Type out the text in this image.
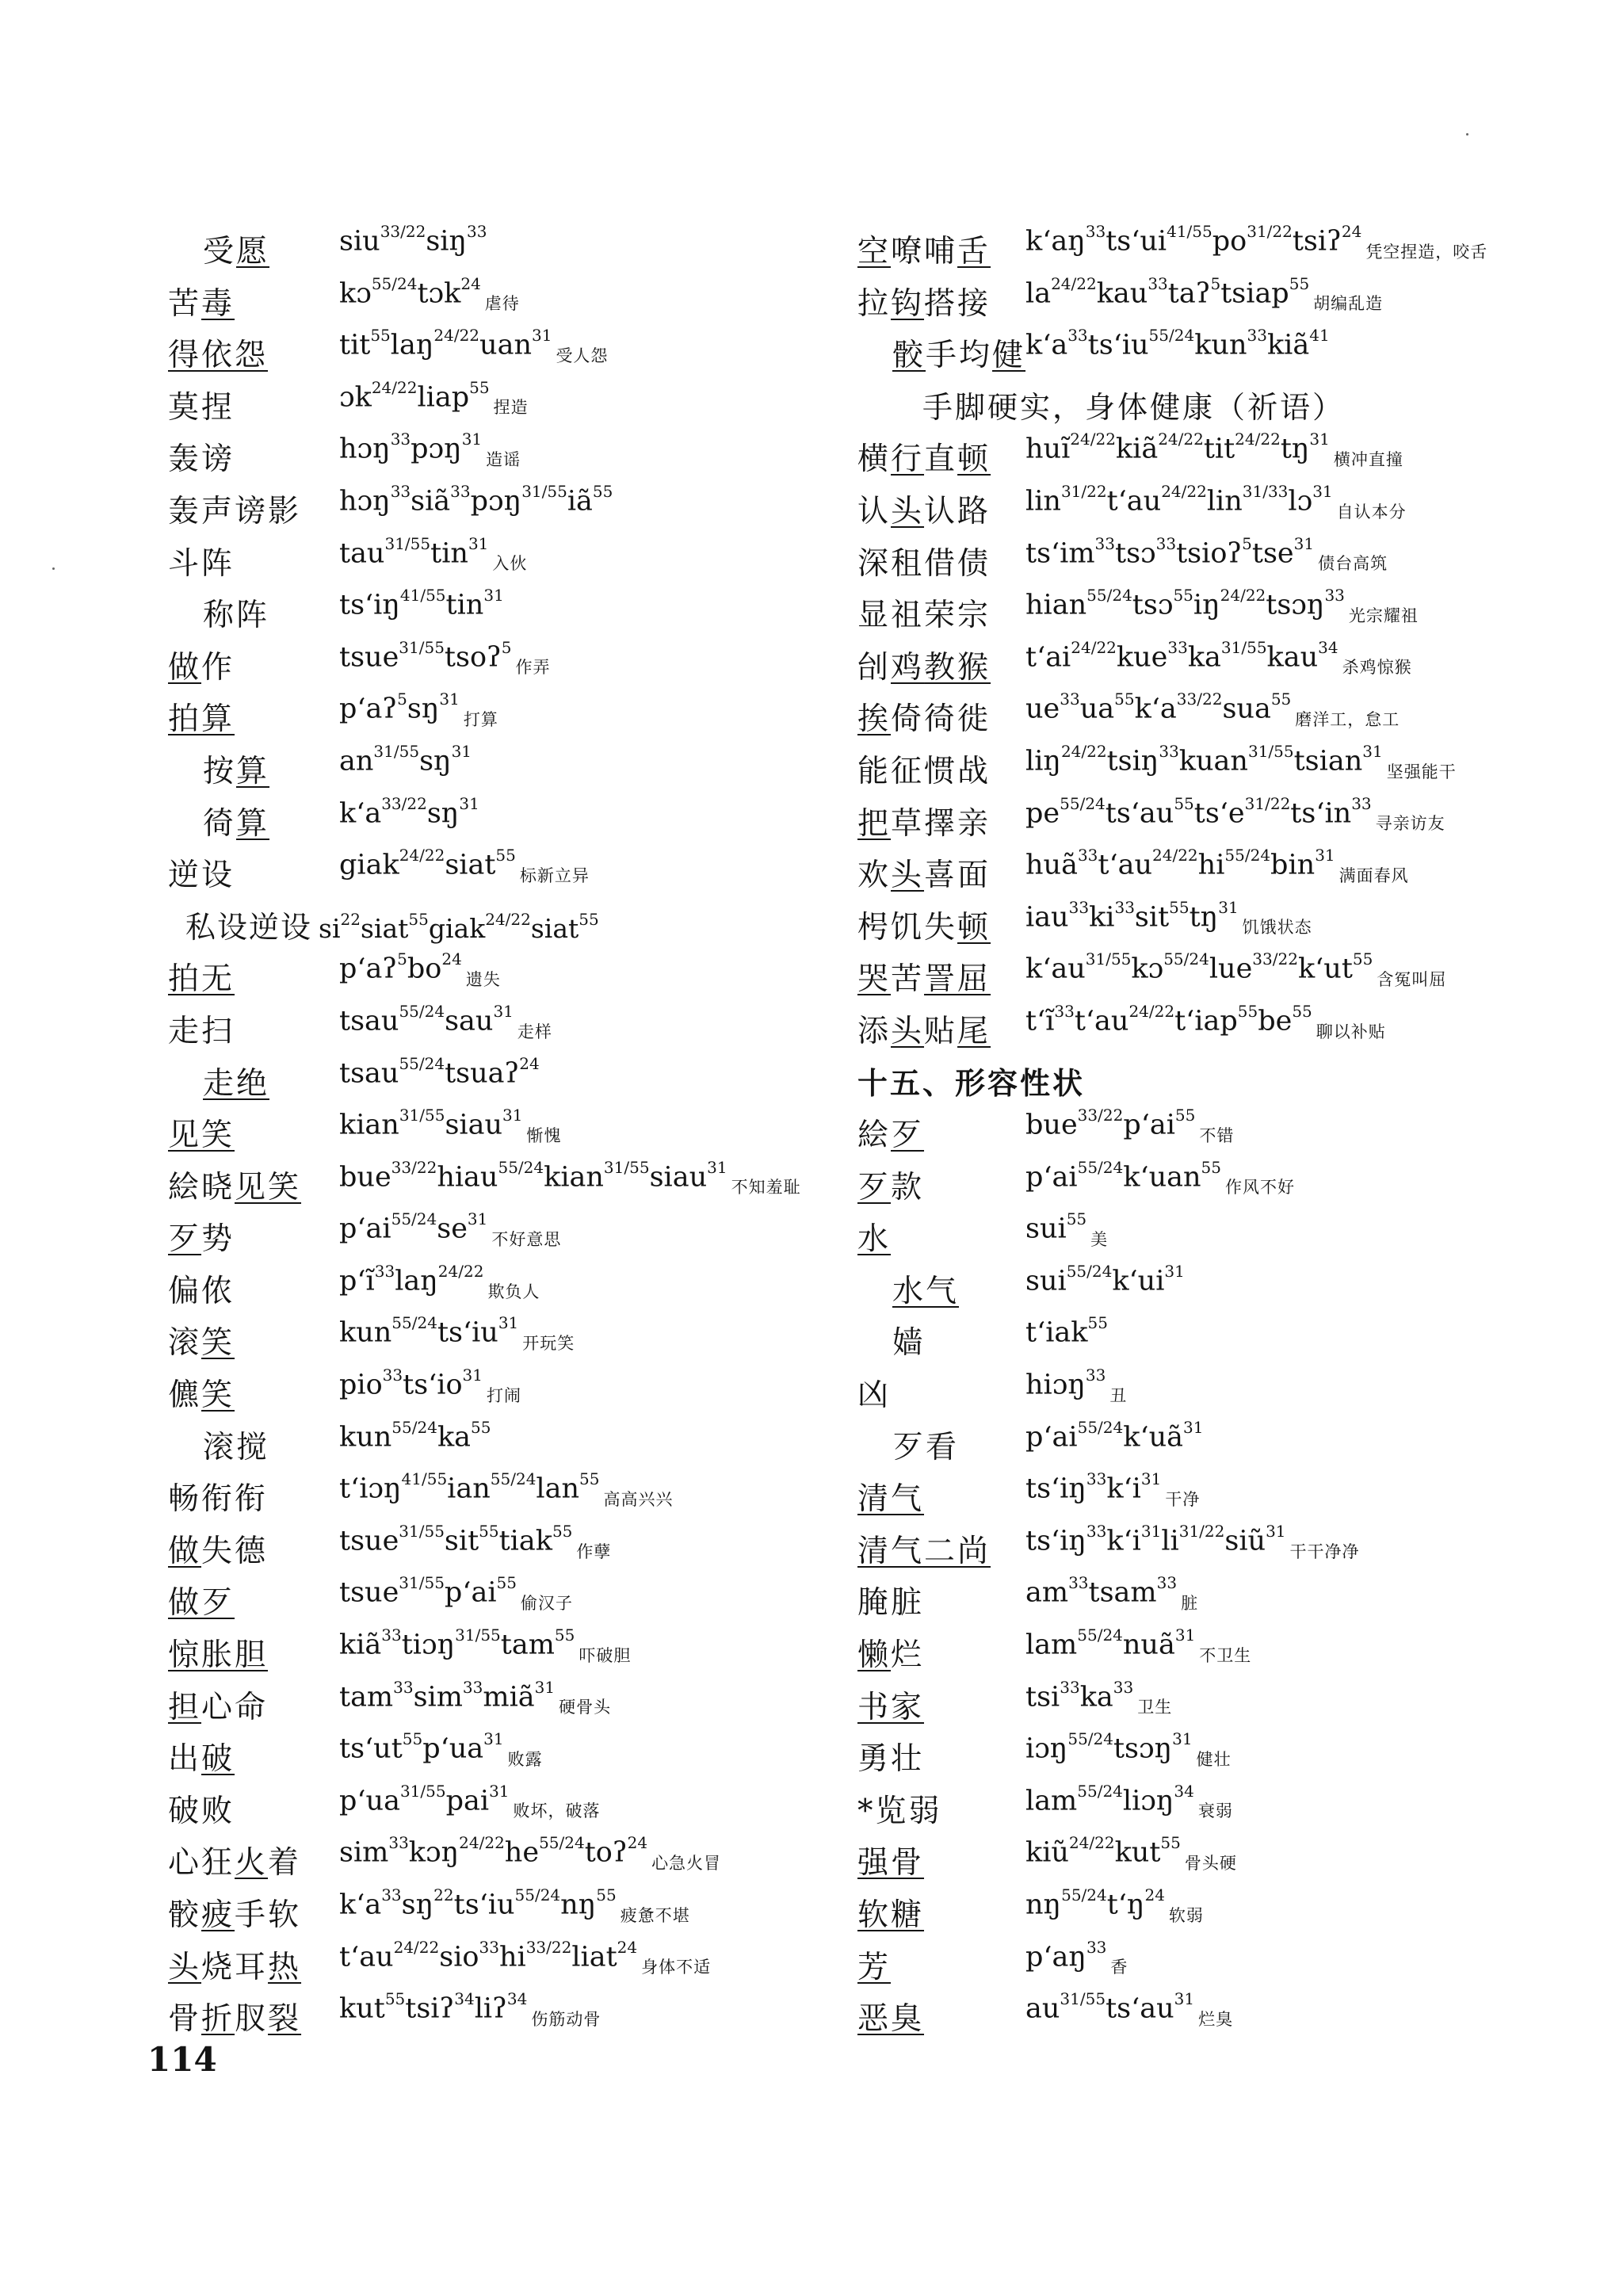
受愿	siu$^{33/22}$siŋ$^{33}$
苦毒	kɔ$^{55/24}$tɔk$^{24}_{虐待}$
得依怨	tit$^{55}$laŋ$^{24/22}$uan$^{31}_{受人怨}$
莫捏	ɔk$^{24/22}$liap$^{55}_{捏造}$
轰谤	hɔŋ$^{33}$pɔŋ$^{31}_{造谣}$
轰声谤影 $hɔŋ^{33}siã^{33}pɔŋ^{31/55}iã^{55}$
斗阵	tau$^{31/55}$tin$^{31}_{入伙}$
称阵	tsʻiŋ$^{41/55}$tin$^{31}$
做作	tsue$^{31/55}$tsoʔ$^5_{作弄}$
拍算	$pʻaʔ^5sŋ^{31}_{打算}$
按算	$an^{31/55}sŋ^{31}$
徛算	$kʻa^{33/22}sŋ^{31}$
逆设	giak$^{24/22}$siat$^{55}_{标新立异}$
私设逆设 $si^{22}siat^{55}giak^{24/22}siat^{55}$
拍无	$pʻaʔ^5bo^{24}_{遗失}$
走扫	tsau$^{55/24}$sau$^{31}_{走样}$
走绝	tsau$^{55/24}$tsuaʔ$^{24}$
见笑	kian$^{31/55}$siau$^{31}_{惭愧}$
絵晓见笑 bue$^{33/22}$hiau$^{55/24}$kian$^{31/55}$siau$^{31}_{不知羞耻}$
歹势	$pʻai^{55/24}se^{31}_{不好意思}$
偏侬	pʻĩ$^{33}$laŋ$^{24/22}_{欺负人}$
滚笑	kun$^{55/24}$tsʻiu$^{31}_{开玩笑}$
儦笑	pio$^{33}$tsʻio$^{31}_{打闹}$
滚搅	$kun^{55/24}ka^{55}$
畅衔衔	tʻiɔŋ$^{41/55}$ian$^{55/24}$lan$^{55}_{高高兴兴}$
做失德	tsue$^{31/55}$sit$^{55}$tiak$^{55}_{作孽}$
做歹	tsue$^{31/55}$pʻai$^{55}_{偷汉子}$
惊胀胆	kiã$^{33}$tiɔŋ$^{31/55}$tam$^{55}_{吓破胆}$
担心命	tam$^{33}$sim$^{33}$miã$^{31}_{硬骨头}$
出破	tsʻut$^{55}$pʻua$^{31}_{败露}$
破败	pʻua$^{31/55}$pai$^{31}_{败坏,破落}$
心狂火着 $sim^{33}kɔŋ^{24/22}he^{55/24}toʔ^{24}_{心急火冒}$
骹疲手软 $kʻa^{33}sŋ^{22}tsʻiu^{55/24}nŋ^{55}_{疲惫不堪}$
头烧耳热 $tʻau^{24/22}sio^{33}hi^{33/22}liat^{24}_{身体不适}$
骨折肞裂 kut$^{55}$tsiʔ$^{34}$liʔ$^{34}_{伤筋动骨}$
空嘹哺舌 $kʻaŋ^{33}tsʻui^{41/55}po^{31/22}tsiʔ^{24}_{凭空捏造,咬舌}$
拉钩搭接 $la^{24/22}kau^{33}taʔ^5tsiap^{55}_{胡编乱造}$
骹手均健 kʻa$^{33}$tsʻiu$^{55/24}$kun$^{33}$kiã$^{41}$
手脚硬实，身体健康（祈语）
横行直顿 $huĩ^{24/22}kiã^{24/22}tit^{24/22}tŋ^{31}_{横冲直撞}$
认头认路 lin$^{31/22}$tʻau$^{24/22}$lin$^{31/33}$lɔ$^{31}_{自认本分}$
深租借债 tsʻim$^{33}$tsɔ$^{33}$tsioʔ$^5$tse$^{31}_{债台高筑}$
显祖荣宗 $hian^{55/24}tsɔ^{55}iŋ^{24/22}tsɔŋ^{33}_{光宗耀祖}$
刣鸡教猴 $tʻai^{24/22}kue^{33}ka^{31/55}kau^{34}_{杀鸡惊猴}$
挨倚徛徙 $ue^{33}ua^{55}kʻa^{33/22}sua^{55}_{磨洋工,怠工}$
能征惯战 liŋ$^{24/22}$tsiŋ$^{33}$kuan$^{31/55}$tsian$^{31}_{坚强能干}$
把草擇亲 $pe^{55/24}tsʻau^{55}tsʻe^{31/22}tsʻin^{33}_{寻亲访友}$
欢头喜面 $huã^{33}tʻau^{24/22}hi^{55/24}bin^{31}_{满面春风}$
枵饥失顿 $iau^{33}ki^{33}sit^{55}tŋ^{31}_{饥饿状态}$
哭苦詈屈 kʻau$^{31/55}$kɔ$^{55/24}$lue$^{33/22}$kʻut$^{55}_{含冤叫屈}$
添头贴尾 $tʻĩ^{33}tʻau^{24/22}tʻiap^{55}be^{55}_{聊以补贴}$
十五、形容性状
絵歹	bue$^{33/22}$pʻai$^{55}_{不错}$
歹款	pʻai$^{55/24}$kʻuan$^{55}_{作风不好}$
水	sui$^{55}_美$
水气 sui$^{55/24}$kʻui$^{31}$
嫱	tʻiak$^{55}$
凶	hiɔŋ$^{33}_丑$
歹看 pʻai$^{55/24}$kʻuã$^{31}$
清气	tsʻiŋ$^{33}$kʻi$^{31}_{干净}$
清气二尚 $tsʻiŋ^{33}kʻi^{31}li^{31/22}siũ^{31}_{干干净净}$
腌脏	$am^{33}tsam^{33}_脏$
懒烂	lam$^{55/24}$nuã$^{31}_{不卫生}$
书家	$tsi^{33}ka^{33}_{卫生}$
勇壮	iɔŋ$^{55/24}$tsɔŋ$^{31}_{健壮}$
*览弱	lam$^{55/24}$liɔŋ$^{34}_{衰弱}$
强骨	kiũ$^{24/22}$kut$^{55}_{骨头硬}$
软糖	$nŋ^{55/24}tʻŋ^{24}_{软弱}$
芳	pʻaŋ$^{33}_香$
恶臭	$au^{31/55}tsʻau^{31}_{烂臭}$
114
